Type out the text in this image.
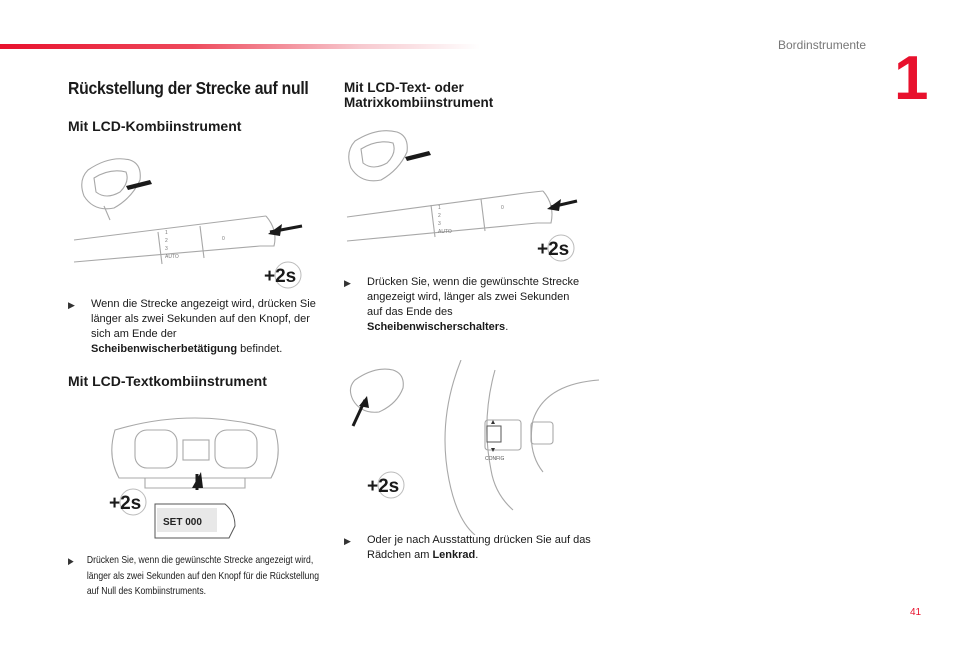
Bordinstrumente 1
41
Rückstellung der Strecke auf null
Mit LCD-Kombiinstrument
1
2
3
AUTO
0
+2s
▶ Wenn die Strecke angezeigt wird, drücken Sie länger als zwei Sekunden auf den Knopf, der sich am Ende der Scheibenwischerbetätigung befindet.
Mit LCD-Textkombiinstrument
SET 000
+2s
▶ Drücken Sie, wenn die gewünschte Strecke angezeigt wird, länger als zwei Sekunden auf den Knopf für die Rückstellung auf Null des Kombiinstruments.
Mit LCD-Text- oder
Matrixkombiinstrument
1
2
3
AUTO
0
+2s
▶ Drücken Sie, wenn die gewünschte Strecke angezeigt wird, länger als zwei Sekunden auf das Ende des Scheibenwischerschalters.
CONFIG
+2s
▶ Oder je nach Ausstattung drücken Sie auf das Rädchen am Lenkrad.
